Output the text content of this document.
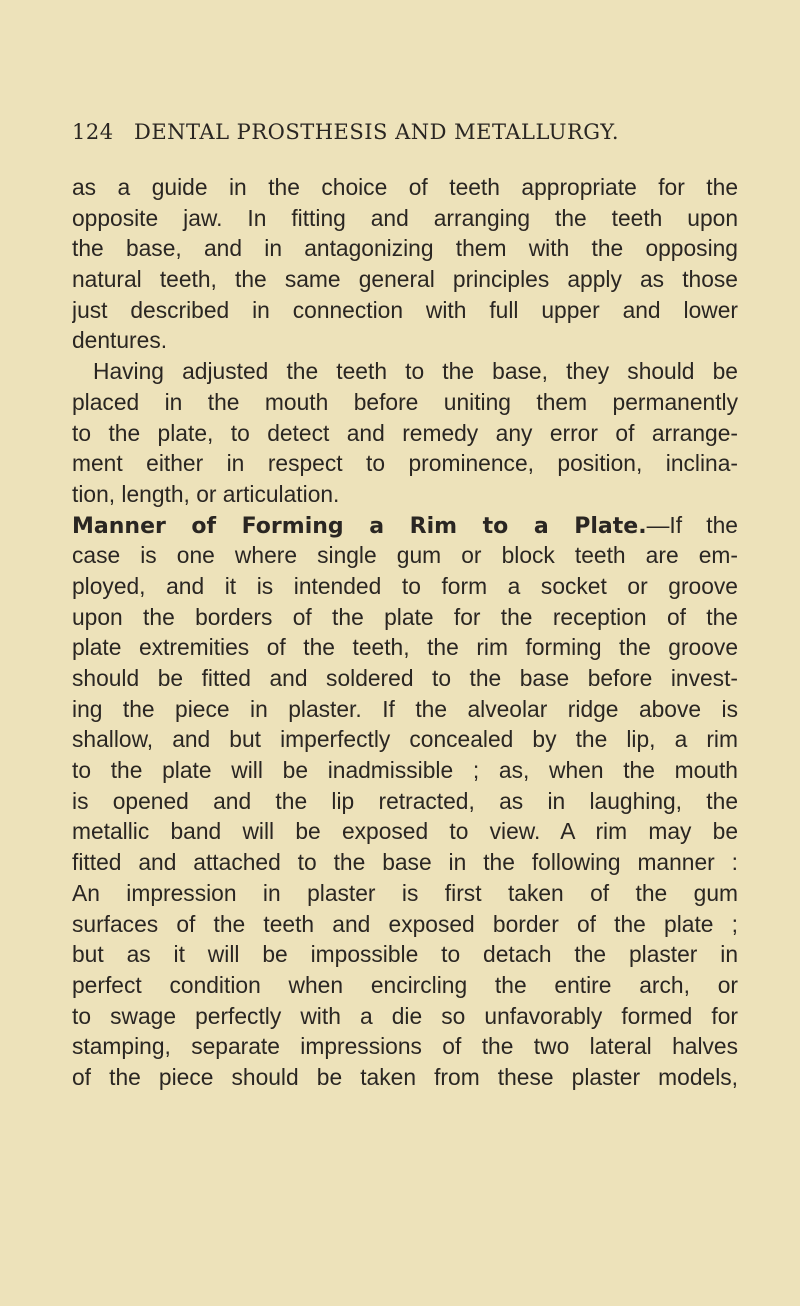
124 DENTAL PROSTHESIS AND METALLURGY.
as a guide in the choice of teeth appropriate for the
opposite jaw. In fitting and arranging the teeth upon
the base, and in antagonizing them with the opposing
natural teeth, the same general principles apply as those
just described in connection with full upper and lower
dentures.
Having adjusted the teeth to the base, they should be
placed in the mouth before uniting them permanently
to the plate, to detect and remedy any error of arrange-
ment either in respect to prominence, position, inclina-
tion, length, or articulation.
Manner of Forming a Rim to a Plate.—If the
case is one where single gum or block teeth are em-
ployed, and it is intended to form a socket or groove
upon the borders of the plate for the reception of the
plate extremities of the teeth, the rim forming the groove
should be fitted and soldered to the base before invest-
ing the piece in plaster. If the alveolar ridge above is
shallow, and but imperfectly concealed by the lip, a rim
to the plate will be inadmissible ; as, when the mouth
is opened and the lip retracted, as in laughing, the
metallic band will be exposed to view. A rim may be
fitted and attached to the base in the following manner :
An impression in plaster is first taken of the gum
surfaces of the teeth and exposed border of the plate ;
but as it will be impossible to detach the plaster in
perfect condition when encircling the entire arch, or
to swage perfectly with a die so unfavorably formed for
stamping, separate impressions of the two lateral halves
of the piece should be taken from these plaster models,
